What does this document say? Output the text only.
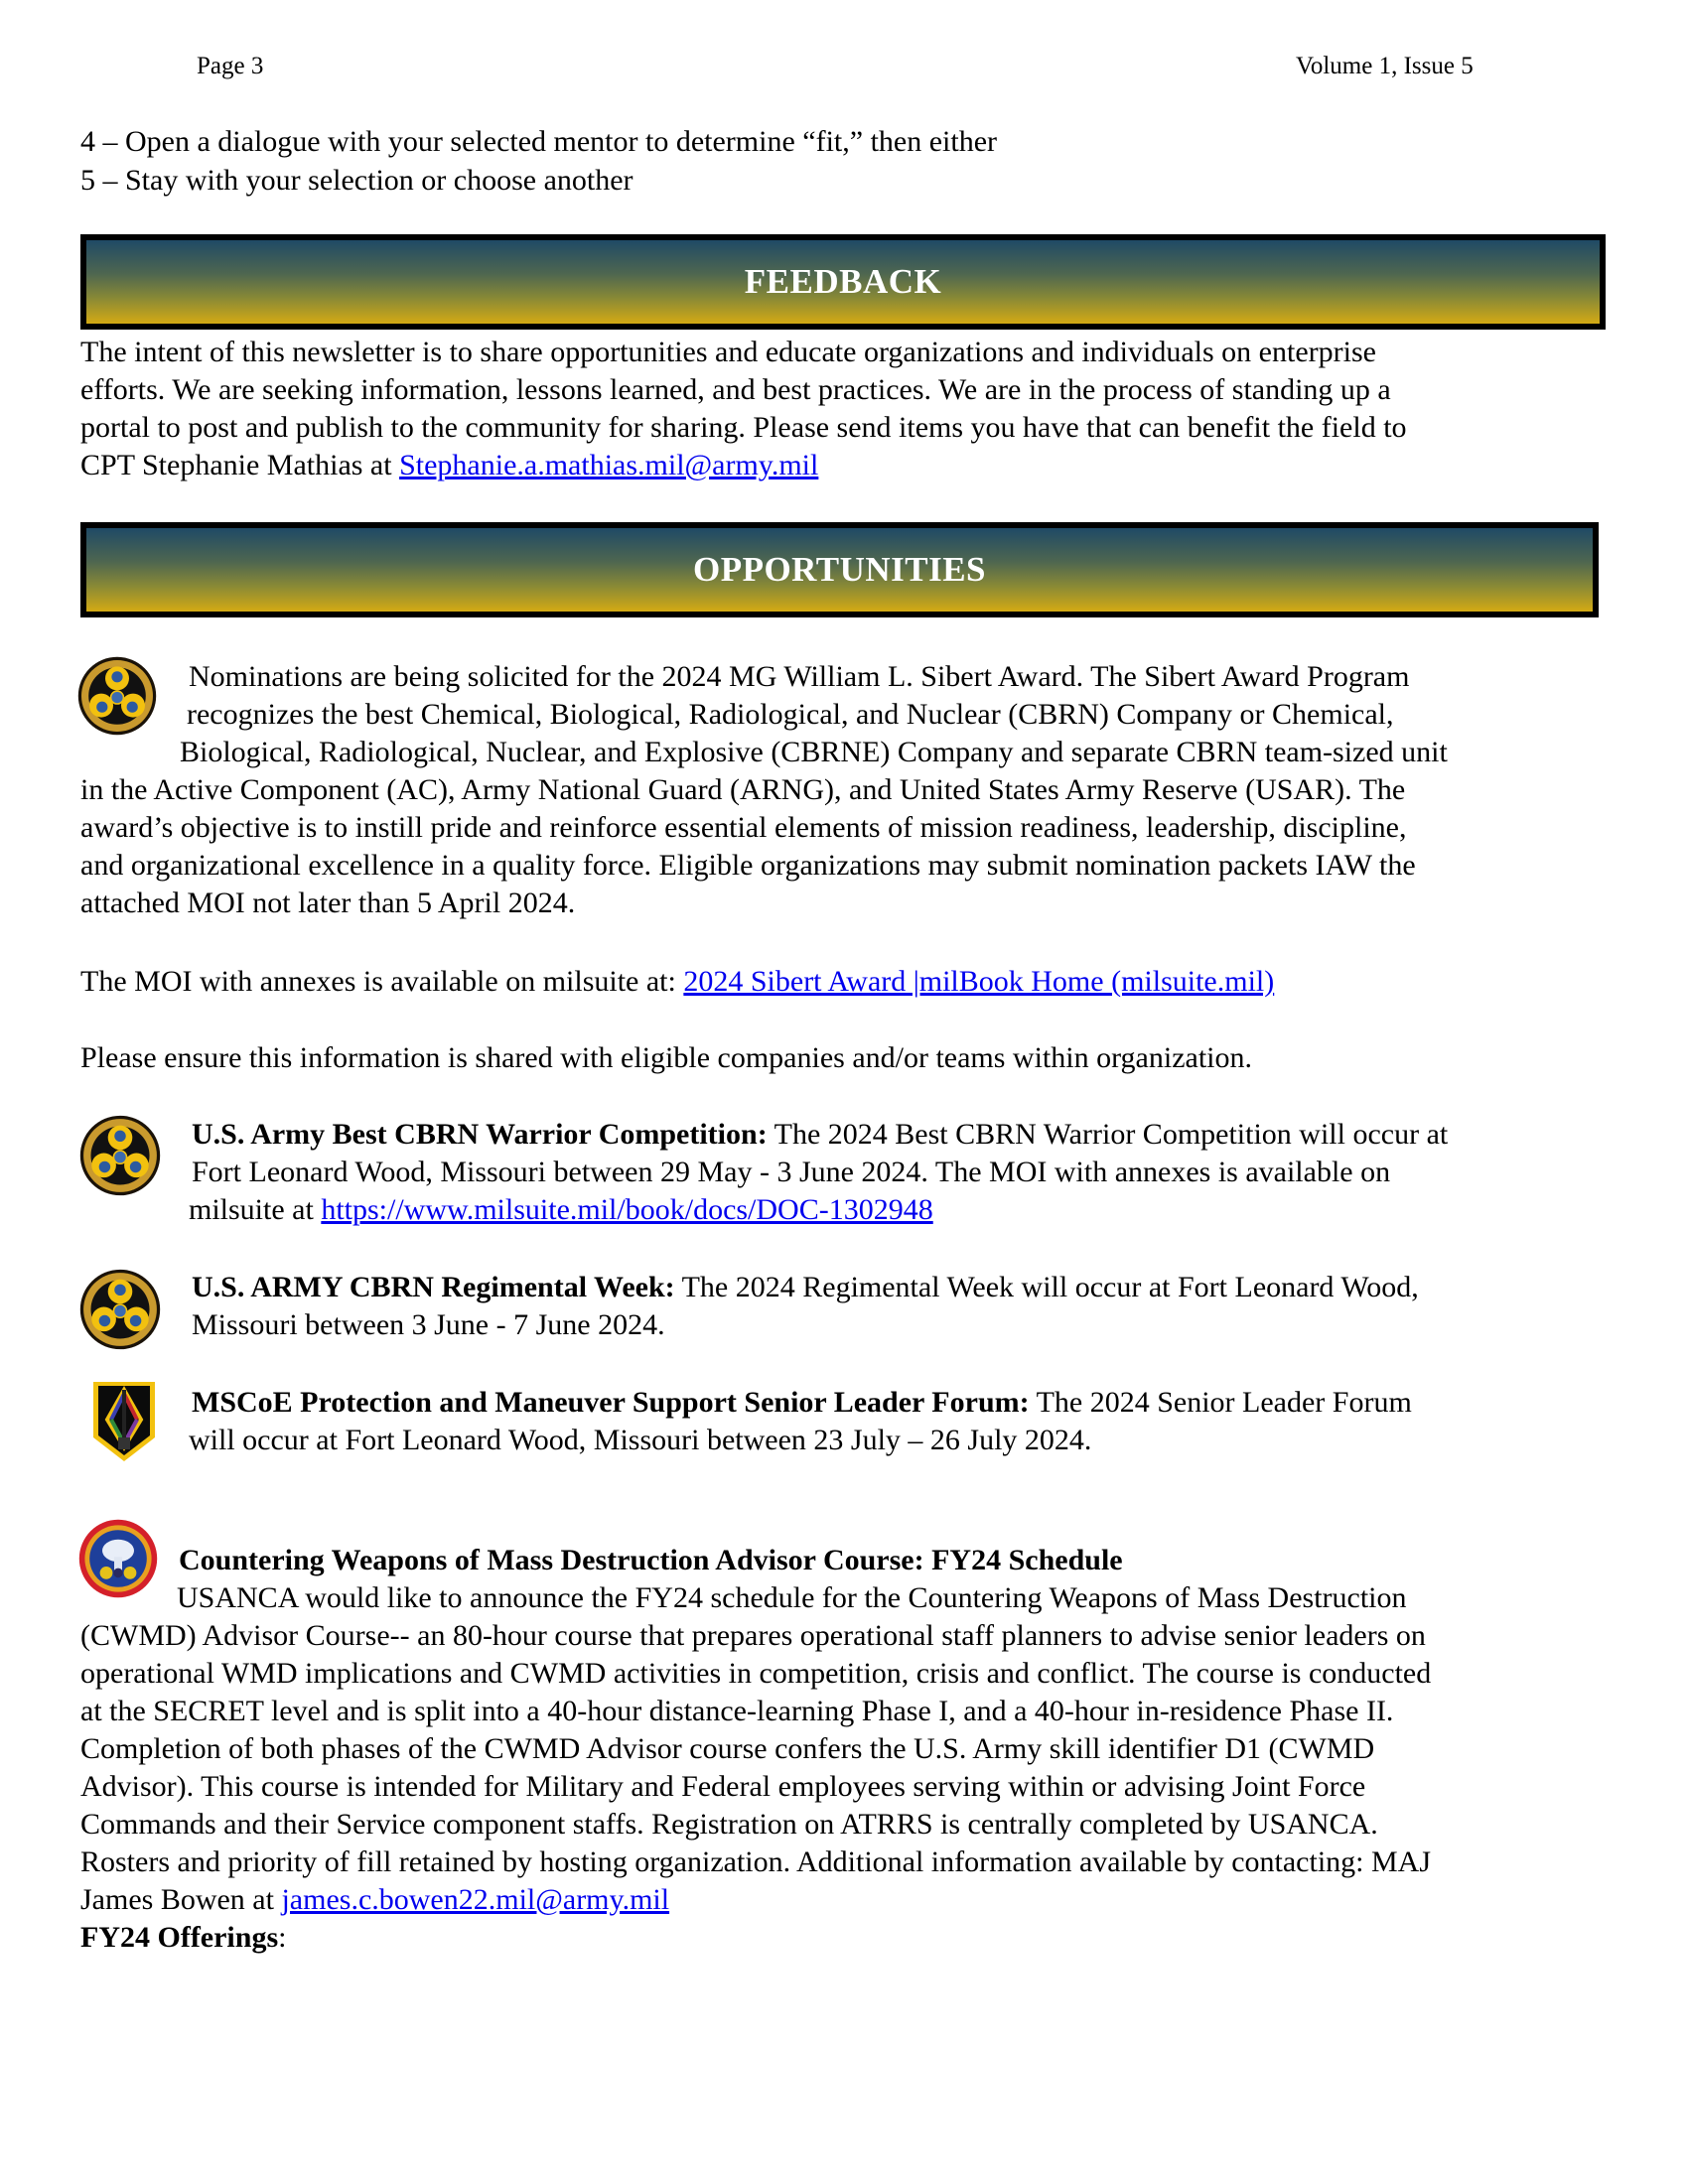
Page 3	Volume 1, Issue 5
4 – Open a dialogue with your selected mentor to determine “fit,” then either
5 – Stay with your selection or choose another
FEEDBACK
The intent of this newsletter is to share opportunities and educate organizations and individuals on enterprise
efforts. We are seeking information, lessons learned, and best practices. We are in the process of standing up a
portal to post and publish to the community for sharing. Please send items you have that can benefit the field to
CPT Stephanie Mathias at Stephanie.a.mathias.mil@army.mil
OPPORTUNITIES
Nominations are being solicited for the 2024 MG William L. Sibert Award. The Sibert Award Program
recognizes the best Chemical, Biological, Radiological, and Nuclear (CBRN) Company or Chemical,
Biological, Radiological, Nuclear, and Explosive (CBRNE) Company and separate CBRN team-sized unit
in the Active Component (AC), Army National Guard (ARNG), and United States Army Reserve (USAR). The
award’s objective is to instill pride and reinforce essential elements of mission readiness, leadership, discipline,
and organizational excellence in a quality force. Eligible organizations may submit nomination packets IAW the
attached MOI not later than 5 April 2024.
The MOI with annexes is available on milsuite at: 2024 Sibert Award |milBook Home (milsuite.mil)
Please ensure this information is shared with eligible companies and/or teams within organization.
U.S. Army Best CBRN Warrior Competition: The 2024 Best CBRN Warrior Competition will occur at
Fort Leonard Wood, Missouri between 29 May - 3 June 2024. The MOI with annexes is available on
milsuite at https://www.milsuite.mil/book/docs/DOC-1302948
U.S. ARMY CBRN Regimental Week: The 2024 Regimental Week will occur at Fort Leonard Wood,
Missouri between 3 June - 7 June 2024.
MSCoE Protection and Maneuver Support Senior Leader Forum: The 2024 Senior Leader Forum
will occur at Fort Leonard Wood, Missouri between 23 July – 26 July 2024.
Countering Weapons of Mass Destruction Advisor Course: FY24 Schedule
USANCA would like to announce the FY24 schedule for the Countering Weapons of Mass Destruction
(CWMD) Advisor Course-- an 80-hour course that prepares operational staff planners to advise senior leaders on
operational WMD implications and CWMD activities in competition, crisis and conflict. The course is conducted
at the SECRET level and is split into a 40-hour distance-learning Phase I, and a 40-hour in-residence Phase II.
Completion of both phases of the CWMD Advisor course confers the U.S. Army skill identifier D1 (CWMD
Advisor). This course is intended for Military and Federal employees serving within or advising Joint Force
Commands and their Service component staffs. Registration on ATRRS is centrally completed by USANCA.
Rosters and priority of fill retained by hosting organization. Additional information available by contacting: MAJ
James Bowen at james.c.bowen22.mil@army.mil
FY24 Offerings:
